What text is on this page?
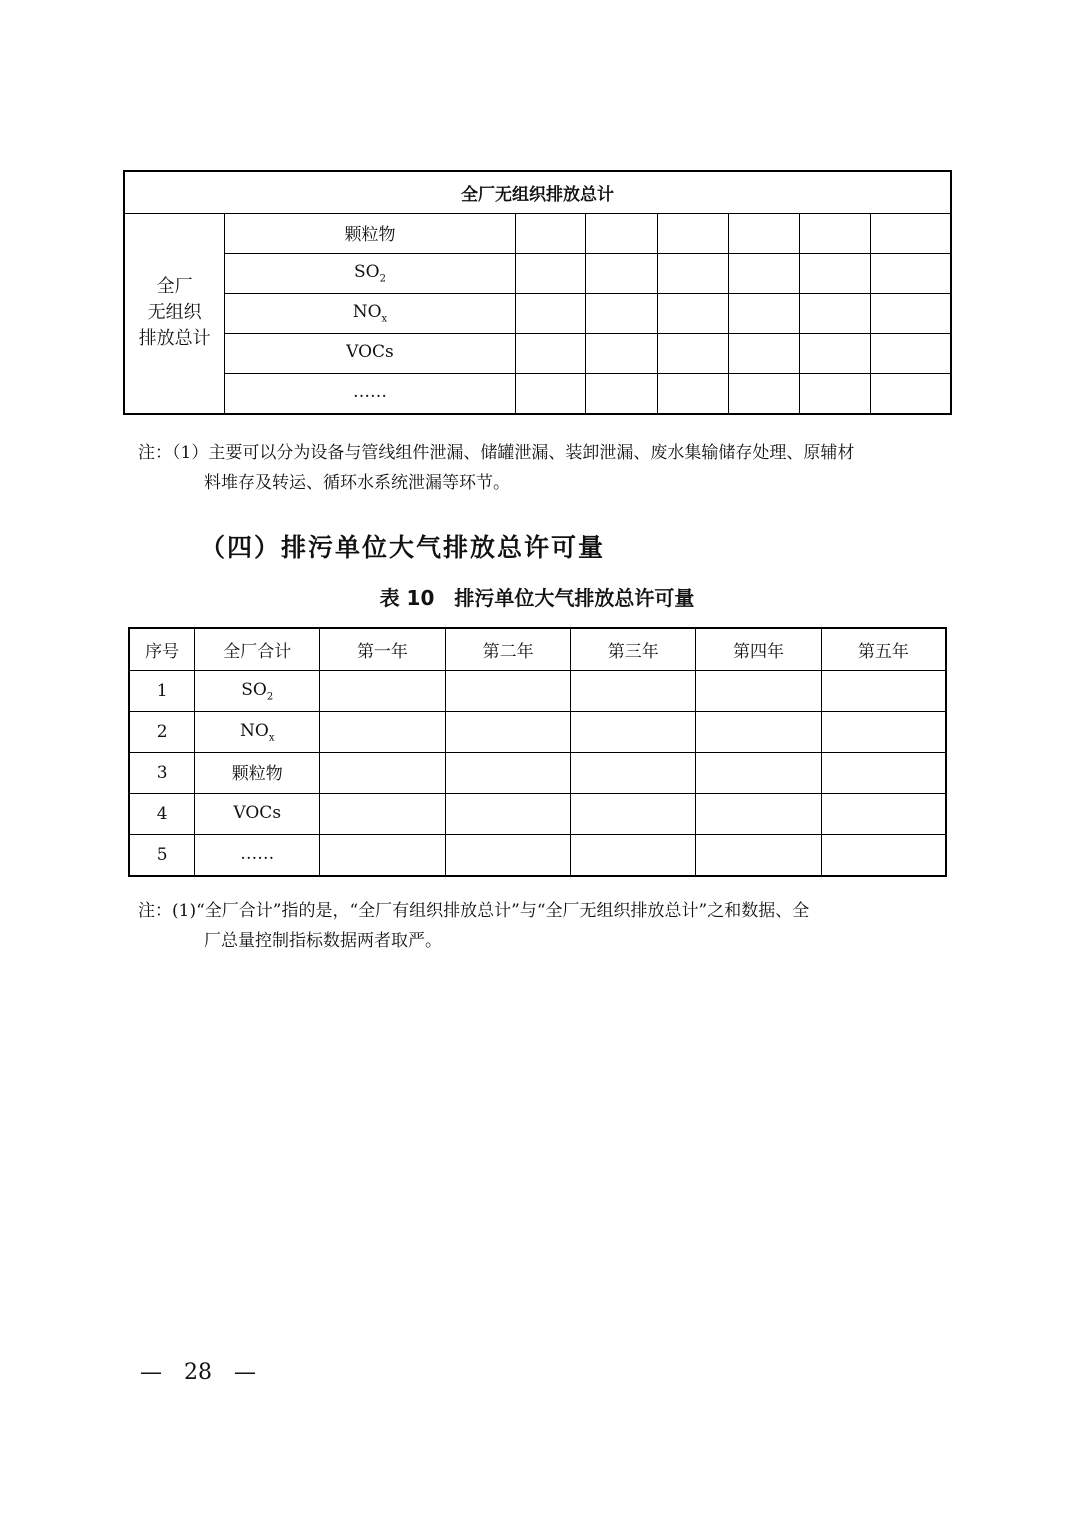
全厂无组织排放总计							

全厂
无组织
排放总计	颗粒物						
	$SO_2$						
	$NO_x$						
	VOCs						
	……						
注：（1）主要可以分为设备与管线组件泄漏、储罐泄漏、装卸泄漏、废水集输储存处理、原辅材
料堆存及转运、循环水系统泄漏等环节。
（四）排污单位大气排放总许可量
表 10　排污单位大气排放总许可量
序号	全厂合计	第一年	第二年	第三年	第四年	第五年
1	$SO_2$					
2	$NO_x$					
3	颗粒物					
4	VOCs					
5	……					
注：(1)“全厂合计”指的是，“全厂有组织排放总计”与“全厂无组织排放总计”之和数据、全
厂总量控制指标数据两者取严。
—　28　—
